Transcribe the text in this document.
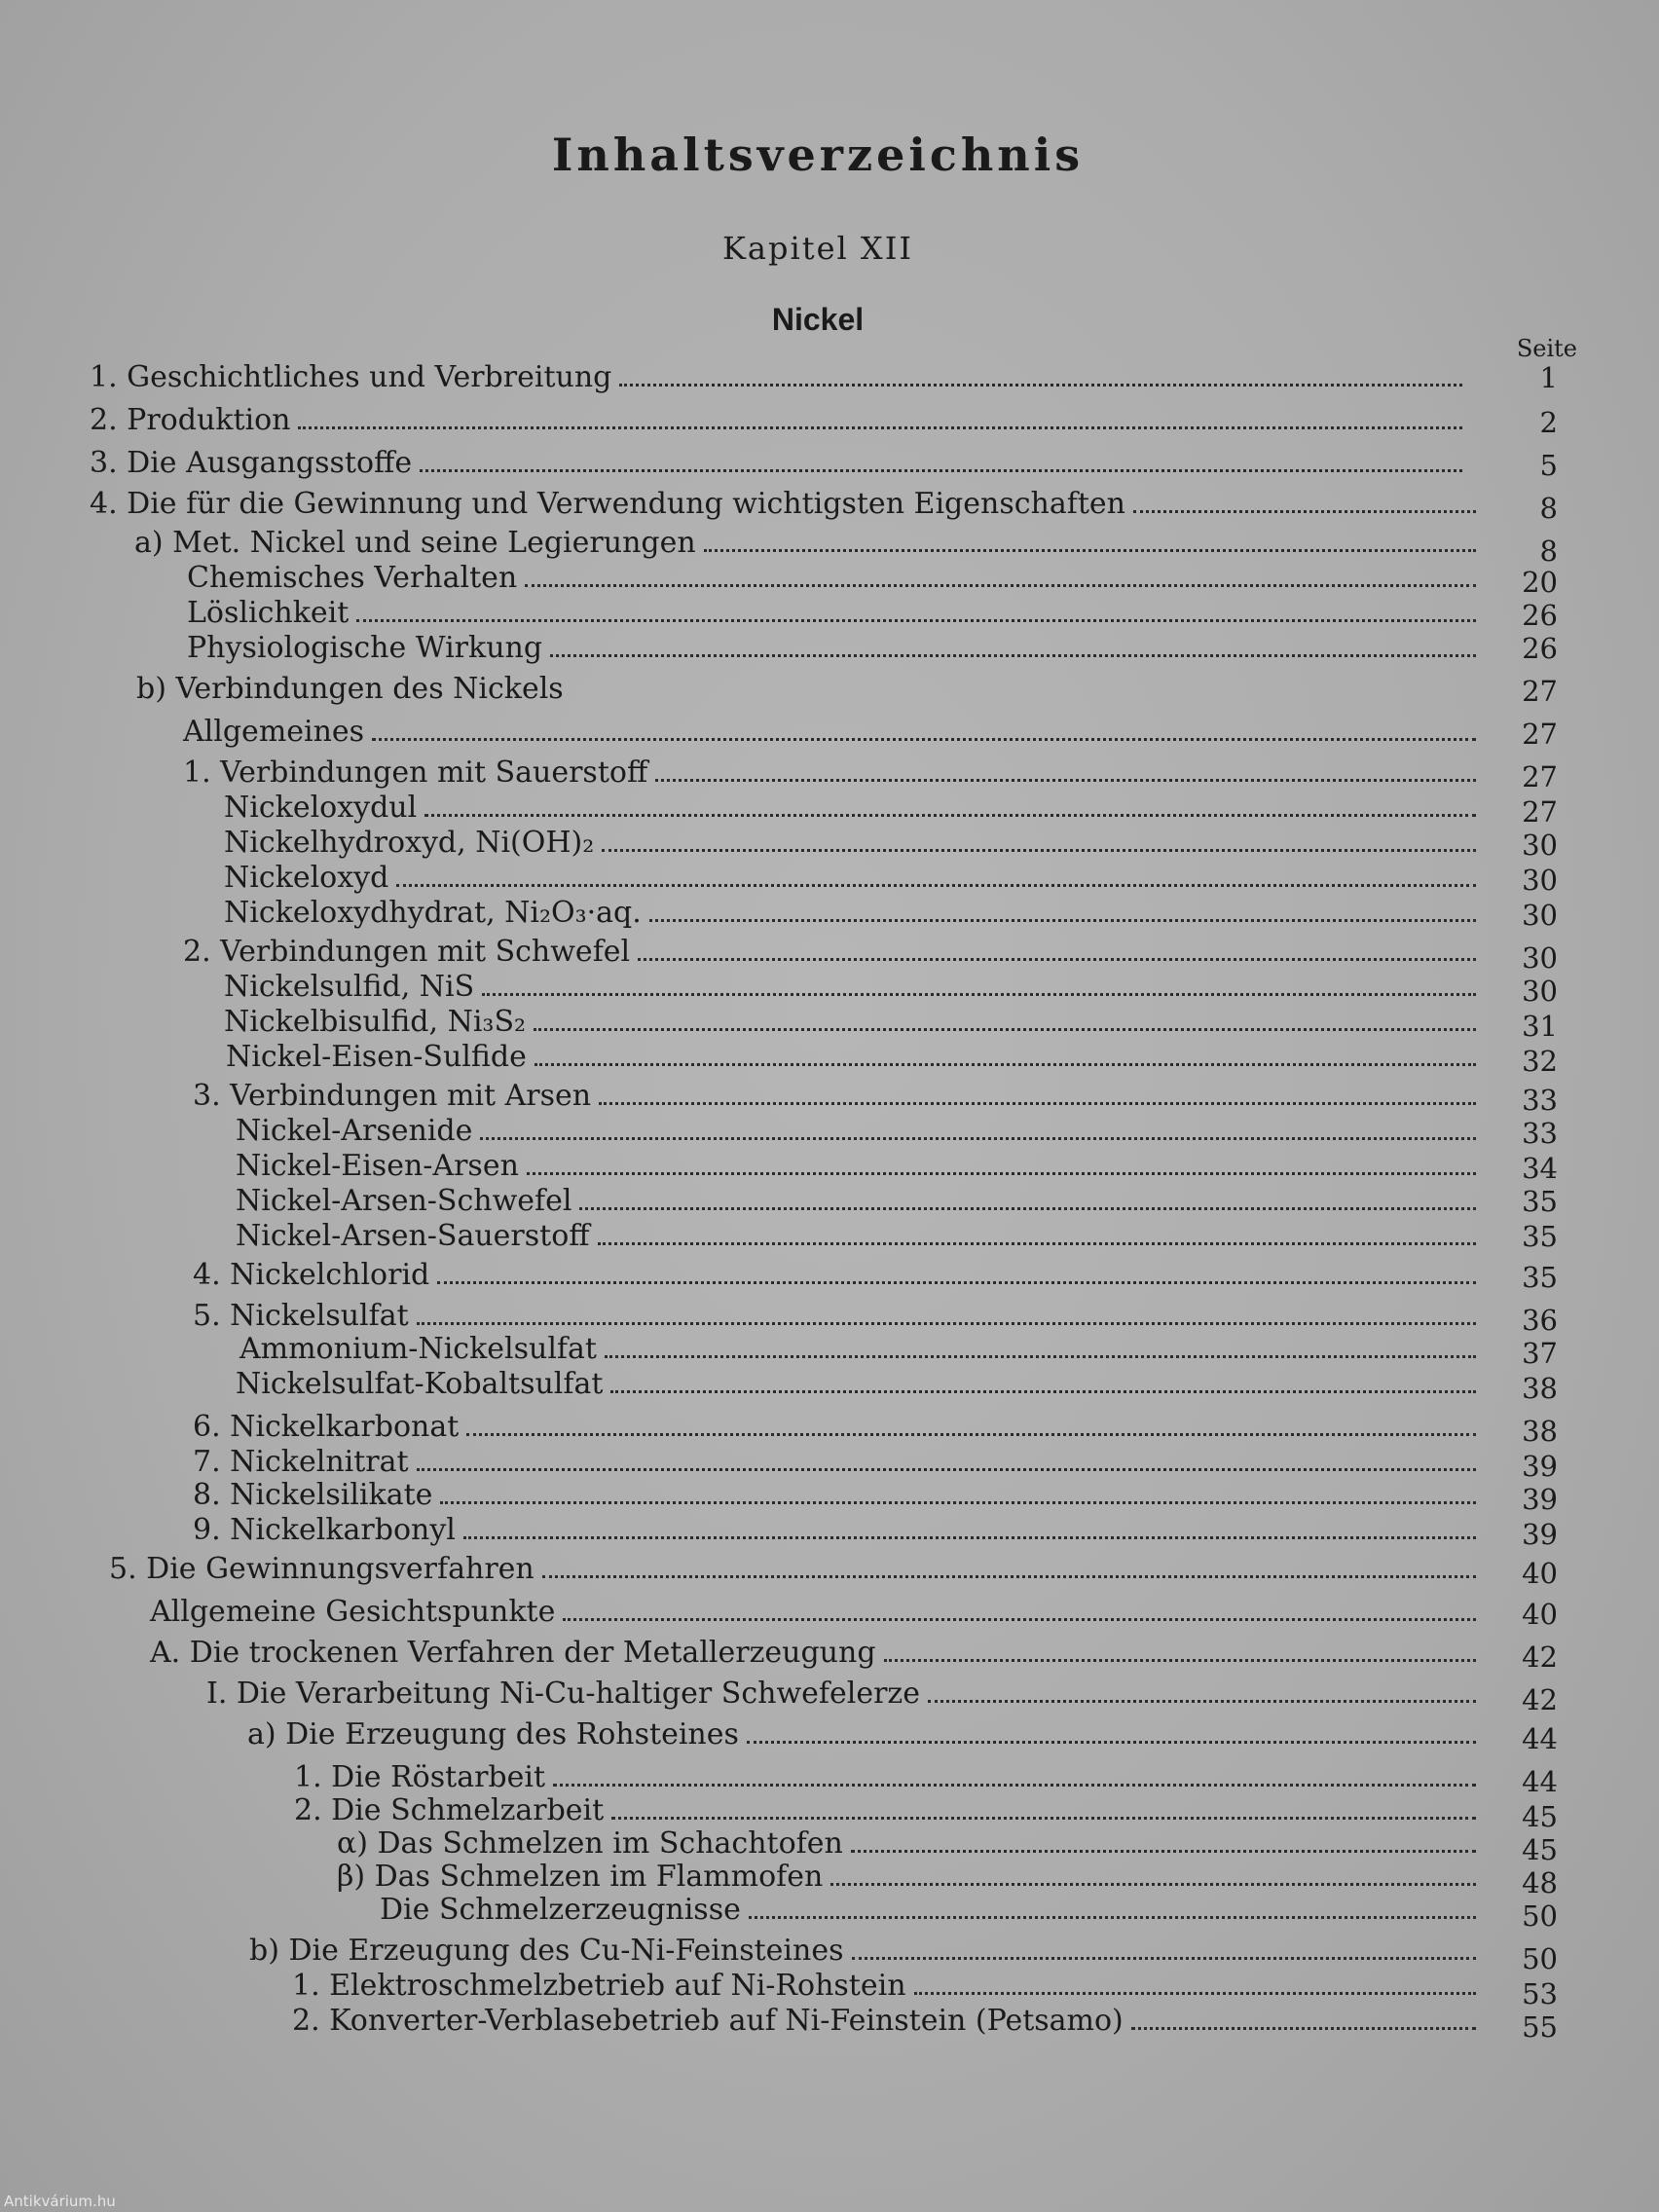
Inhaltsverzeichnis
Kapitel XII
Nickel
Seite
1. Geschichtliches und Verbreitung	1
2. Produktion	2
3. Die Ausgangsstoffe	5
4. Die für die Gewinnung und Verwendung wichtigsten Eigenschaften	8
a) Met. Nickel und seine Legierungen	8
Chemisches Verhalten	20
Löslichkeit	26
Physiologische Wirkung	26
b) Verbindungen des Nickels	27
Allgemeines	27
1. Verbindungen mit Sauerstoff	27
Nickeloxydul	27
Nickelhydroxyd, Ni(OH)₂	30
Nickeloxyd	30
Nickeloxydhydrat, Ni₂O₃·aq.	30
2. Verbindungen mit Schwefel	30
Nickelsulfid, NiS	30
Nickelbisulfid, Ni₃S₂	31
Nickel-Eisen-Sulfide	32
3. Verbindungen mit Arsen	33
Nickel-Arsenide	33
Nickel-Eisen-Arsen	34
Nickel-Arsen-Schwefel	35
Nickel-Arsen-Sauerstoff	35
4. Nickelchlorid	35
5. Nickelsulfat	36
Ammonium-Nickelsulfat	37
Nickelsulfat-Kobaltsulfat	38
6. Nickelkarbonat	38
7. Nickelnitrat	39
8. Nickelsilikate	39
9. Nickelkarbonyl	39
5. Die Gewinnungsverfahren	40
Allgemeine Gesichtspunkte	40
A. Die trockenen Verfahren der Metallerzeugung	42
I. Die Verarbeitung Ni-Cu-haltiger Schwefelerze	42
a) Die Erzeugung des Rohsteines	44
1. Die Röstarbeit	44
2. Die Schmelzarbeit	45
α) Das Schmelzen im Schachtofen	45
β) Das Schmelzen im Flammofen	48
Die Schmelzerzeugnisse	50
b) Die Erzeugung des Cu-Ni-Feinsteines	50
1. Elektroschmelzbetrieb auf Ni-Rohstein	53
2. Konverter-Verblasebetrieb auf Ni-Feinstein (Petsamo)	55
Antikvárium.hu
